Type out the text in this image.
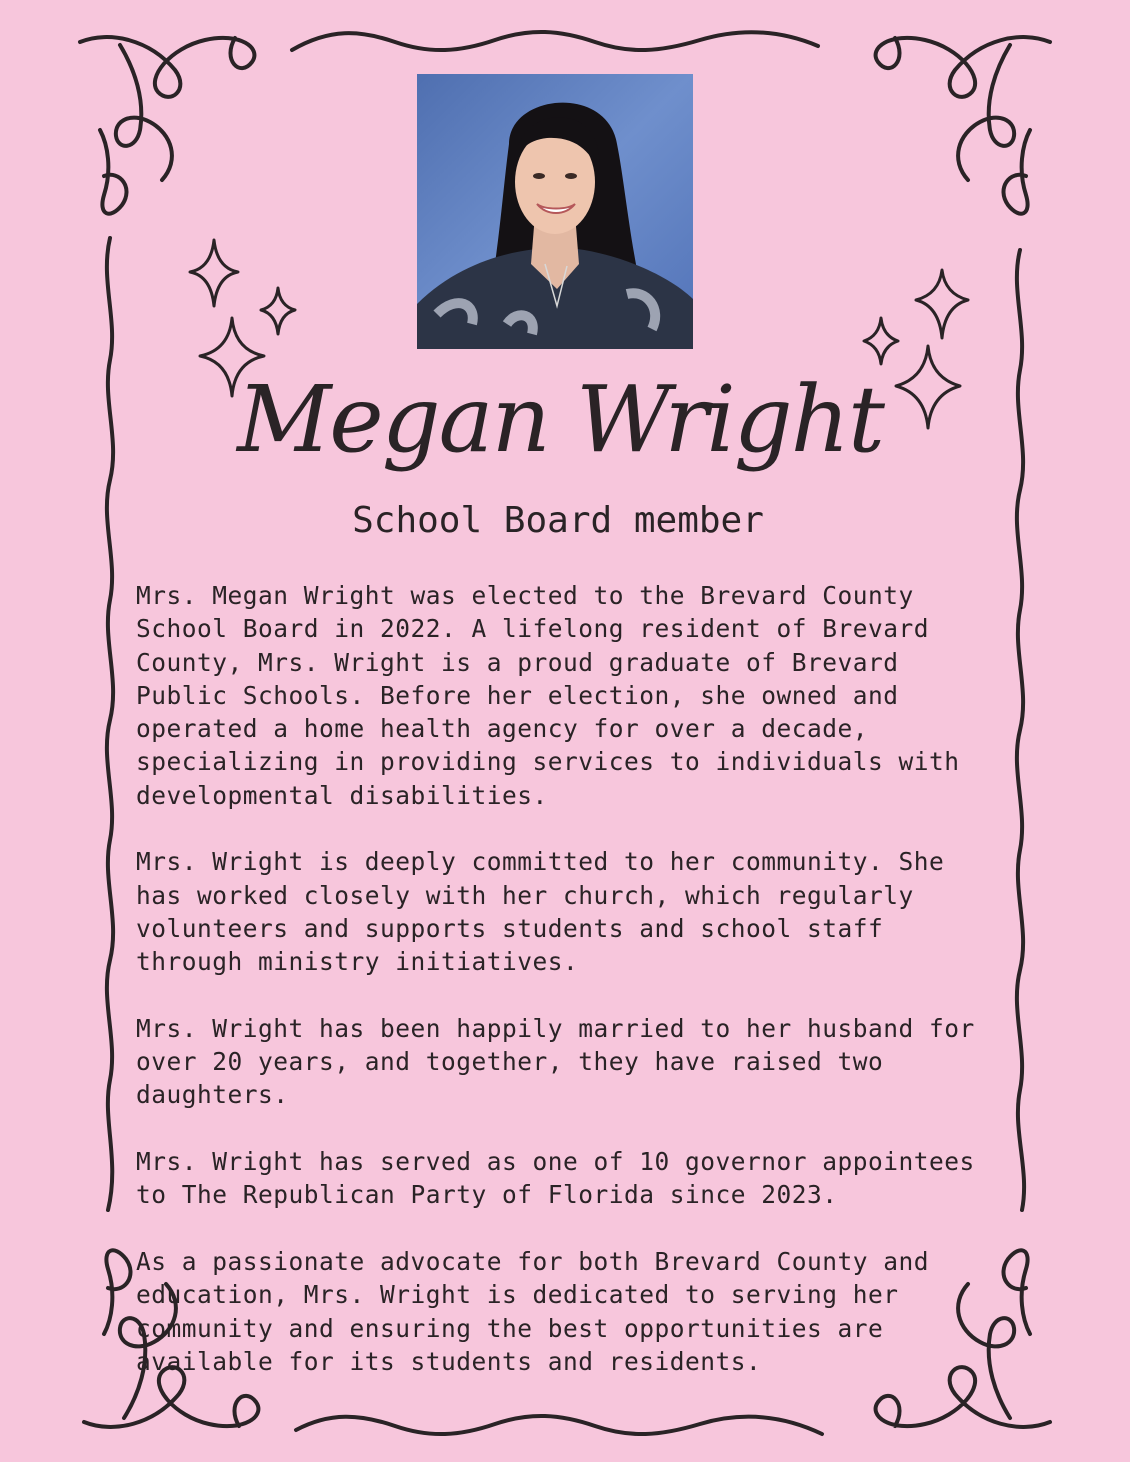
Megan Wright
School Board member

Mrs. Megan Wright was elected to the Brevard County
School Board in 2022. A lifelong resident of Brevard
County, Mrs. Wright is a proud graduate of Brevard
Public Schools. Before her election, she owned and
operated a home health agency for over a decade,
specializing in providing services to individuals with
developmental disabilities.

Mrs. Wright is deeply committed to her community. She
has worked closely with her church, which regularly
volunteers and supports students and school staff
through ministry initiatives.

Mrs. Wright has been happily married to her husband for
over 20 years, and together, they have raised two
daughters.

Mrs. Wright has served as one of 10 governor appointees
to The Republican Party of Florida since 2023.

As a passionate advocate for both Brevard County and
education, Mrs. Wright is dedicated to serving her
community and ensuring the best opportunities are
available for its students and residents.
